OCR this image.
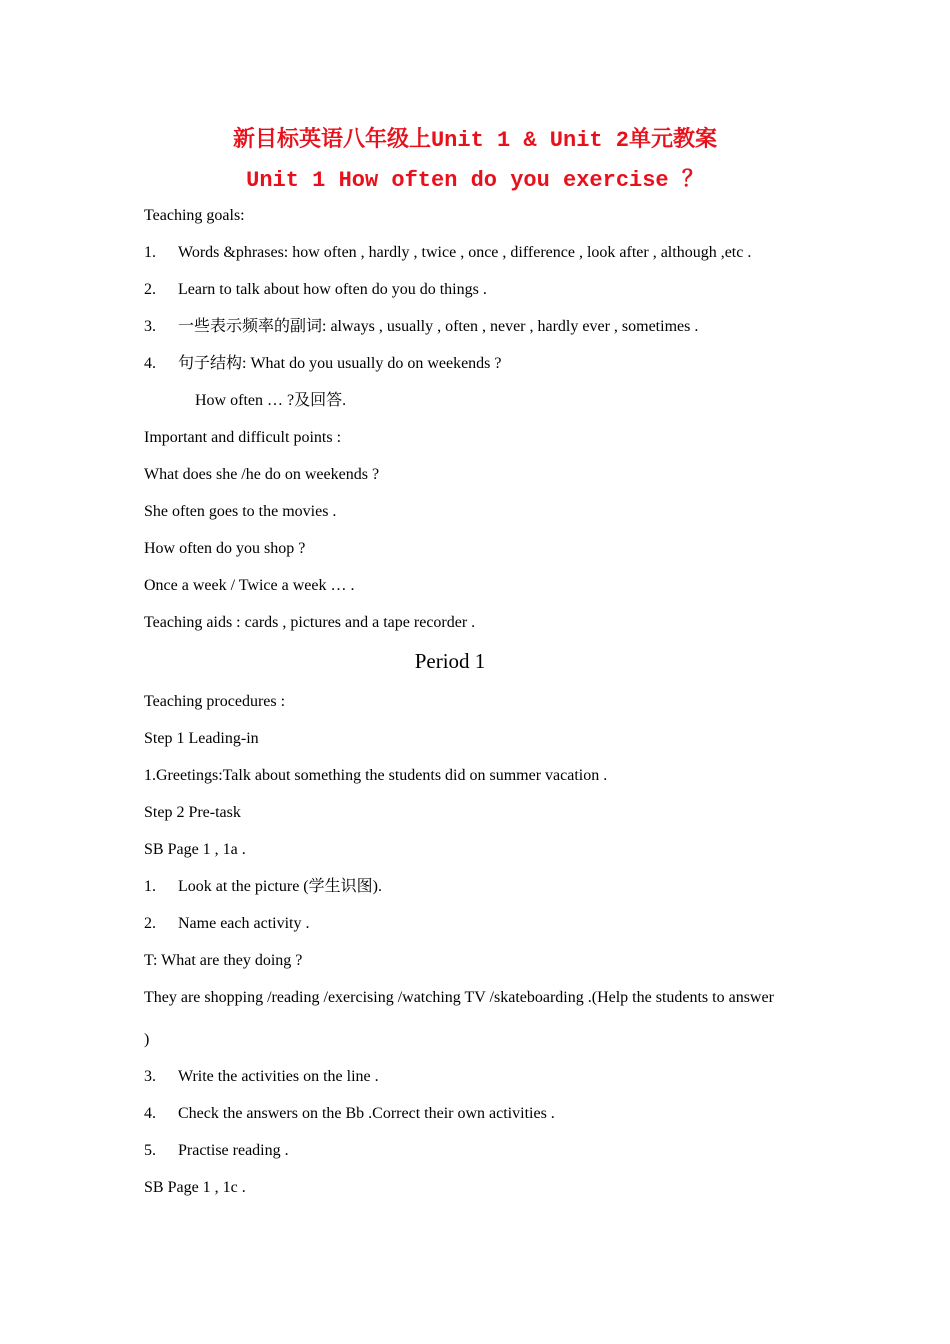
新目标英语八年级上Unit 1 & Unit 2单元教案
Unit 1 How often do you exercise ？
Teaching goals:
1. Words &phrases: how often , hardly , twice , once , difference , look after , although ,etc .
2. Learn to talk about how often do you do things .
3. 一些表示频率的副词: always , usually , often , never , hardly ever , sometimes .
4. 句子结构: What do you usually do on weekends ?
How often … ?及回答.
Important and difficult points :
What does she /he do on weekends ?
She often goes to the movies .
How often do you shop ?
Once a week / Twice a week … .
Teaching aids : cards , pictures and a tape recorder .
Period 1
Teaching procedures :
Step 1 Leading-in
1.Greetings:Talk about something the students did on summer vacation .
Step 2 Pre-task
SB Page 1 , 1a .
1. Look at the picture (学生识图).
2. Name each activity .
T: What are they doing ?
They are shopping /reading /exercising /watching TV /skateboarding .(Help the students to answer
)
3. Write the activities on the line .
4. Check the answers on the Bb .Correct their own activities .
5. Practise reading .
SB Page 1 , 1c .
